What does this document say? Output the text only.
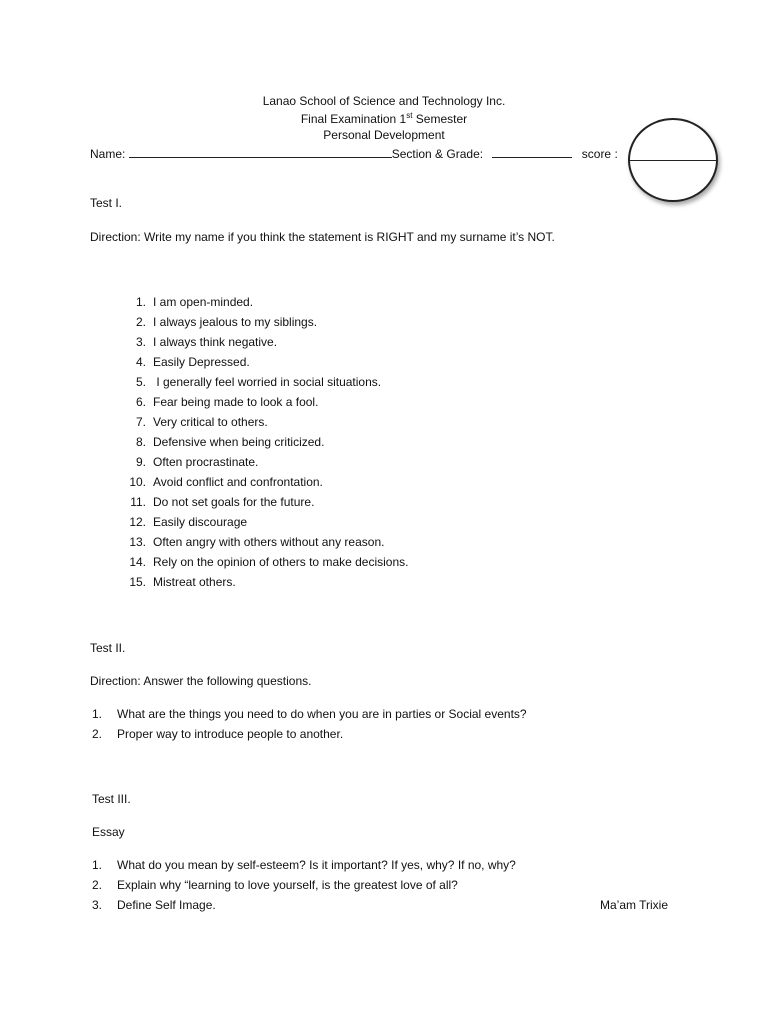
Lanao School of Science and Technology Inc.
Final Examination 1st Semester
Personal Development
Name:	Section & Grade:	score :
Test I.
Direction: Write my name if you think the statement is RIGHT and my surname it’s NOT.
1. I am open-minded.
2. I always jealous to my siblings.
3. I always think negative.
4. Easily Depressed.
5. I generally feel worried in social situations.
6. Fear being made to look a fool.
7. Very critical to others.
8. Defensive when being criticized.
9. Often procrastinate.
10. Avoid conflict and confrontation.
11. Do not set goals for the future.
12. Easily discourage
13. Often angry with others without any reason.
14. Rely on the opinion of others to make decisions.
15. Mistreat others.
Test II.
Direction: Answer the following questions.
1. What are the things you need to do when you are in parties or Social events?
2. Proper way to introduce people to another.
Test III.
Essay
1. What do you mean by self-esteem? Is it important? If yes, why? If no, why?
2. Explain why “learning to love yourself, is the greatest love of all?
3. Define Self Image.	Ma’am Trixie
